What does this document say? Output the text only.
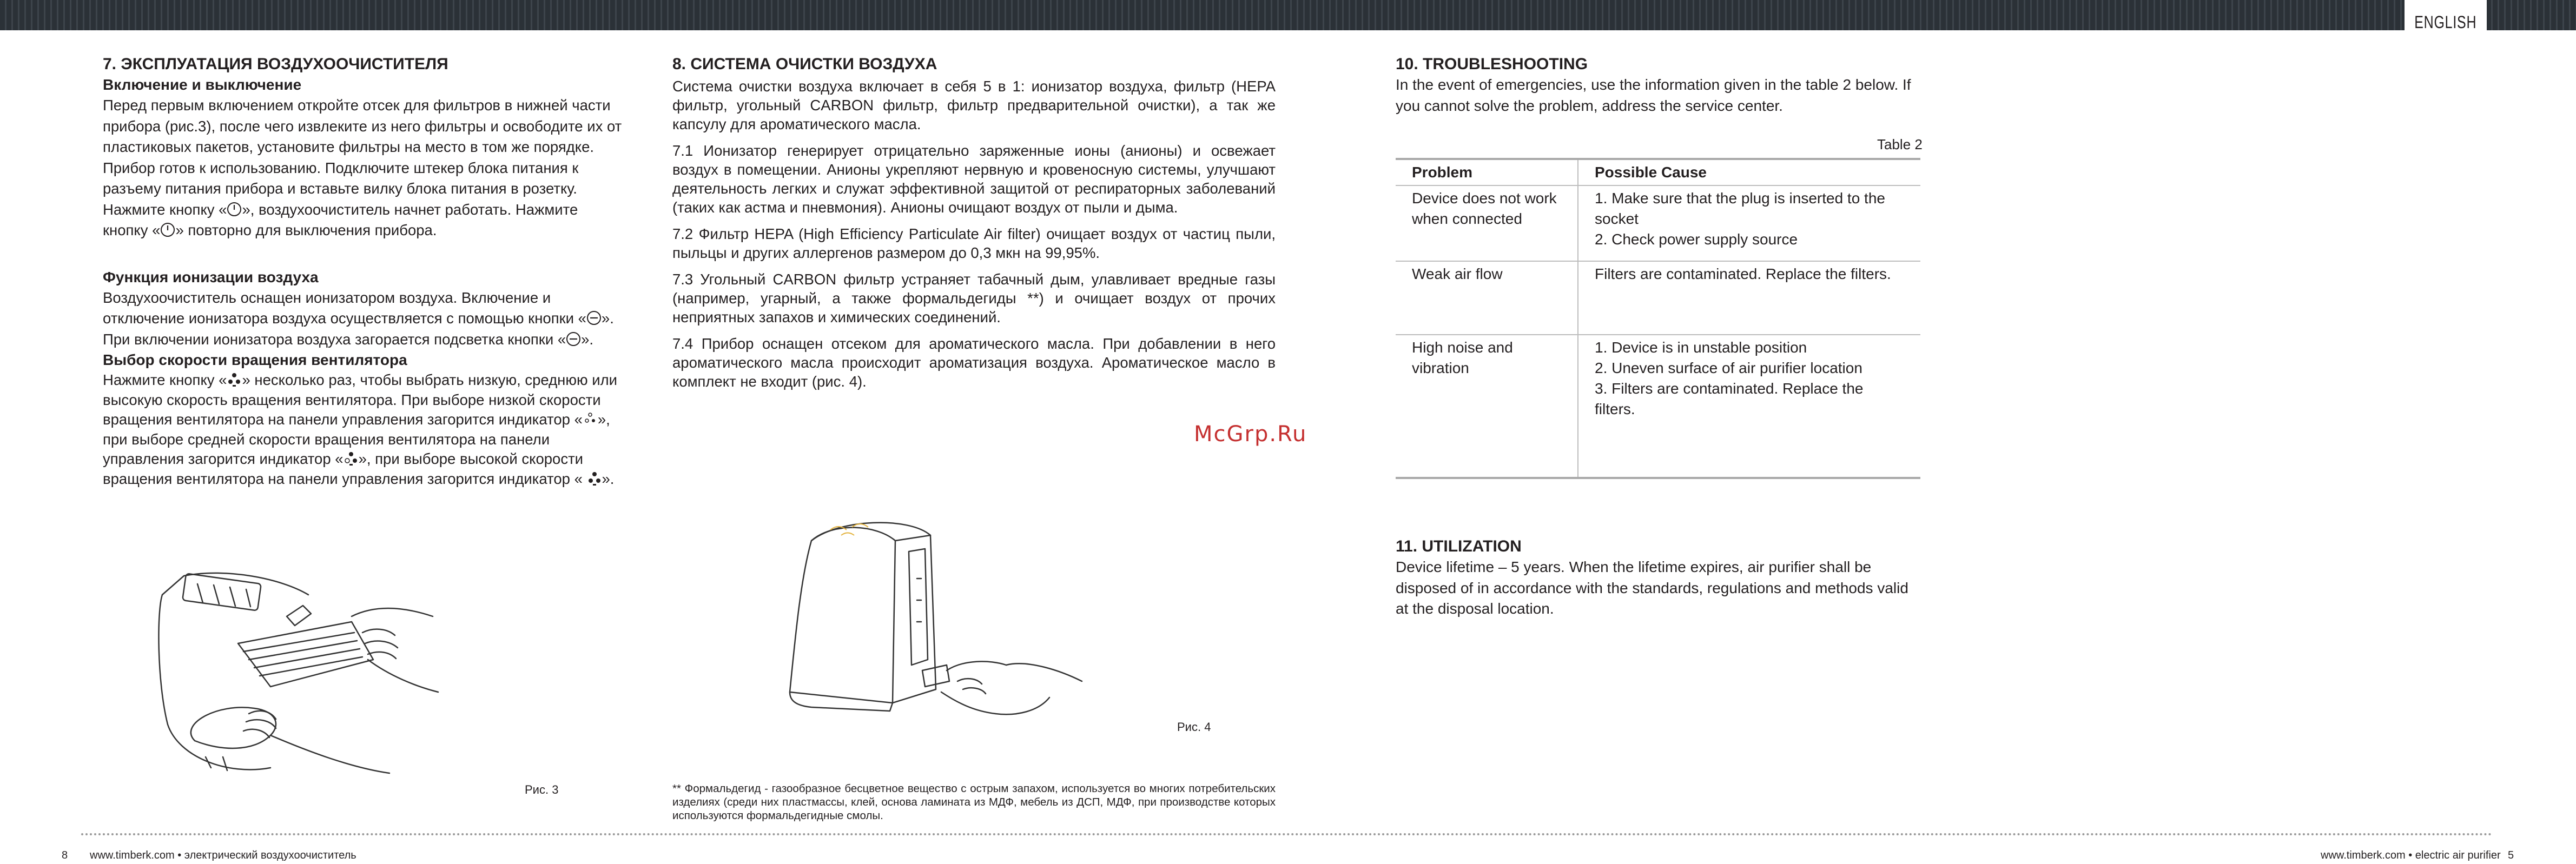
ENGLISH
7. ЭКСПЛУАТАЦИЯ ВОЗДУХООЧИСТИТЕЛЯ
Включение и выключение

Перед первым включением откройте отсек для фильтров в нижней части прибора (рис.3), после чего извлеките из него фильтры и освободите их от пластиковых пакетов, установите фильтры на место в том же порядке. Прибор готов к использованию. Подключите штекер блока питания к разъему питания прибора и вставьте вилку блока питания в розетку. Нажмите кнопку « », воздухоочиститель начнет работать. Нажмите кнопку « » повторно для выключения прибора.

Функция ионизации воздуха

Воздухоочиститель оснащен ионизатором воздуха. Включение и отключение ионизатора воздуха осуществляется с помощью кнопки « ». При включении ионизатора воздуха загорается подсветка кнопки « ».

Выбор скорости вращения вентилятора

Нажмите кнопку « » несколько раз, чтобы выбрать низкую, среднюю или высокую скорость вращения вентилятора. При выборе низкой скорости вращения вентилятора на панели управления загорится индикатор « », при выборе средней скорости вращения вентилятора на панели управления загорится индикатор « », при выборе высокой скорости вращения вентилятора на панели управления загорится индикатор « ».

Рис. 3
8. СИСТЕМА ОЧИСТКИ ВОЗДУХА

Система очистки воздуха включает в себя 5 в 1: ионизатор воздуха, фильтр (HEPA фильтр, угольный CARBON фильтр, фильтр предварительной очистки), а так же капсулу для ароматического масла.

7.1 Ионизатор генерирует отрицательно заряженные ионы (анионы) и освежает воздух в помещении. Анионы укрепляют нервную и кровеносную системы, улучшают деятельность легких и служат эффективной защитой от респираторных заболеваний (таких как астма и пневмония). Анионы очищают воздух от пыли и дыма.

7.2 Фильтр HEPA (High Efficiency Particulate Air filter) очищает воздух от частиц пыли, пыльцы и других аллергенов размером до 0,3 мкн на 99,95%.

7.3 Угольный CARBON фильтр устраняет табачный дым, улавливает вредные газы (например, угарный, а также формальдегиды **) и очищает воздух от прочих неприятных запахов и химических соединений.

7.4 Прибор оснащен отсеком для ароматического масла. При добавлении в него ароматического масла происходит ароматизация воздуха. Ароматическое масло в комплект не входит (рис. 4).

Рис. 4
McGrp.Ru
** Формальдегид - газообразное бесцветное вещество с острым запахом, используется во многих потребительских изделиях (среди них пластмассы, клей, основа ламината из МДФ, мебель из ДСП, МДФ, при производстве которых используются формальдегидные смолы.
10. TROUBLESHOOTING

In the event of emergencies, use the information given in the table 2 below. If you cannot solve the problem, address the service center.

Table 2
Problem	Possible Cause
Device does not work when connected	1. Make sure that the plug is inserted to the socket
2. Check power supply source
Weak air flow	Filters are contaminated. Replace the filters.
High noise and vibration	1. Device is in unstable position
2. Uneven surface of air purifier location
3. Filters are contaminated. Replace the filters.
11. UTILIZATION

Device lifetime – 5 years. When the lifetime expires, air purifier shall be disposed of in accordance with the standards, regulations and methods valid at the disposal location.

8 www.timberk.com • электрический воздухоочиститель	www.timberk.com • electric air purifier 5
